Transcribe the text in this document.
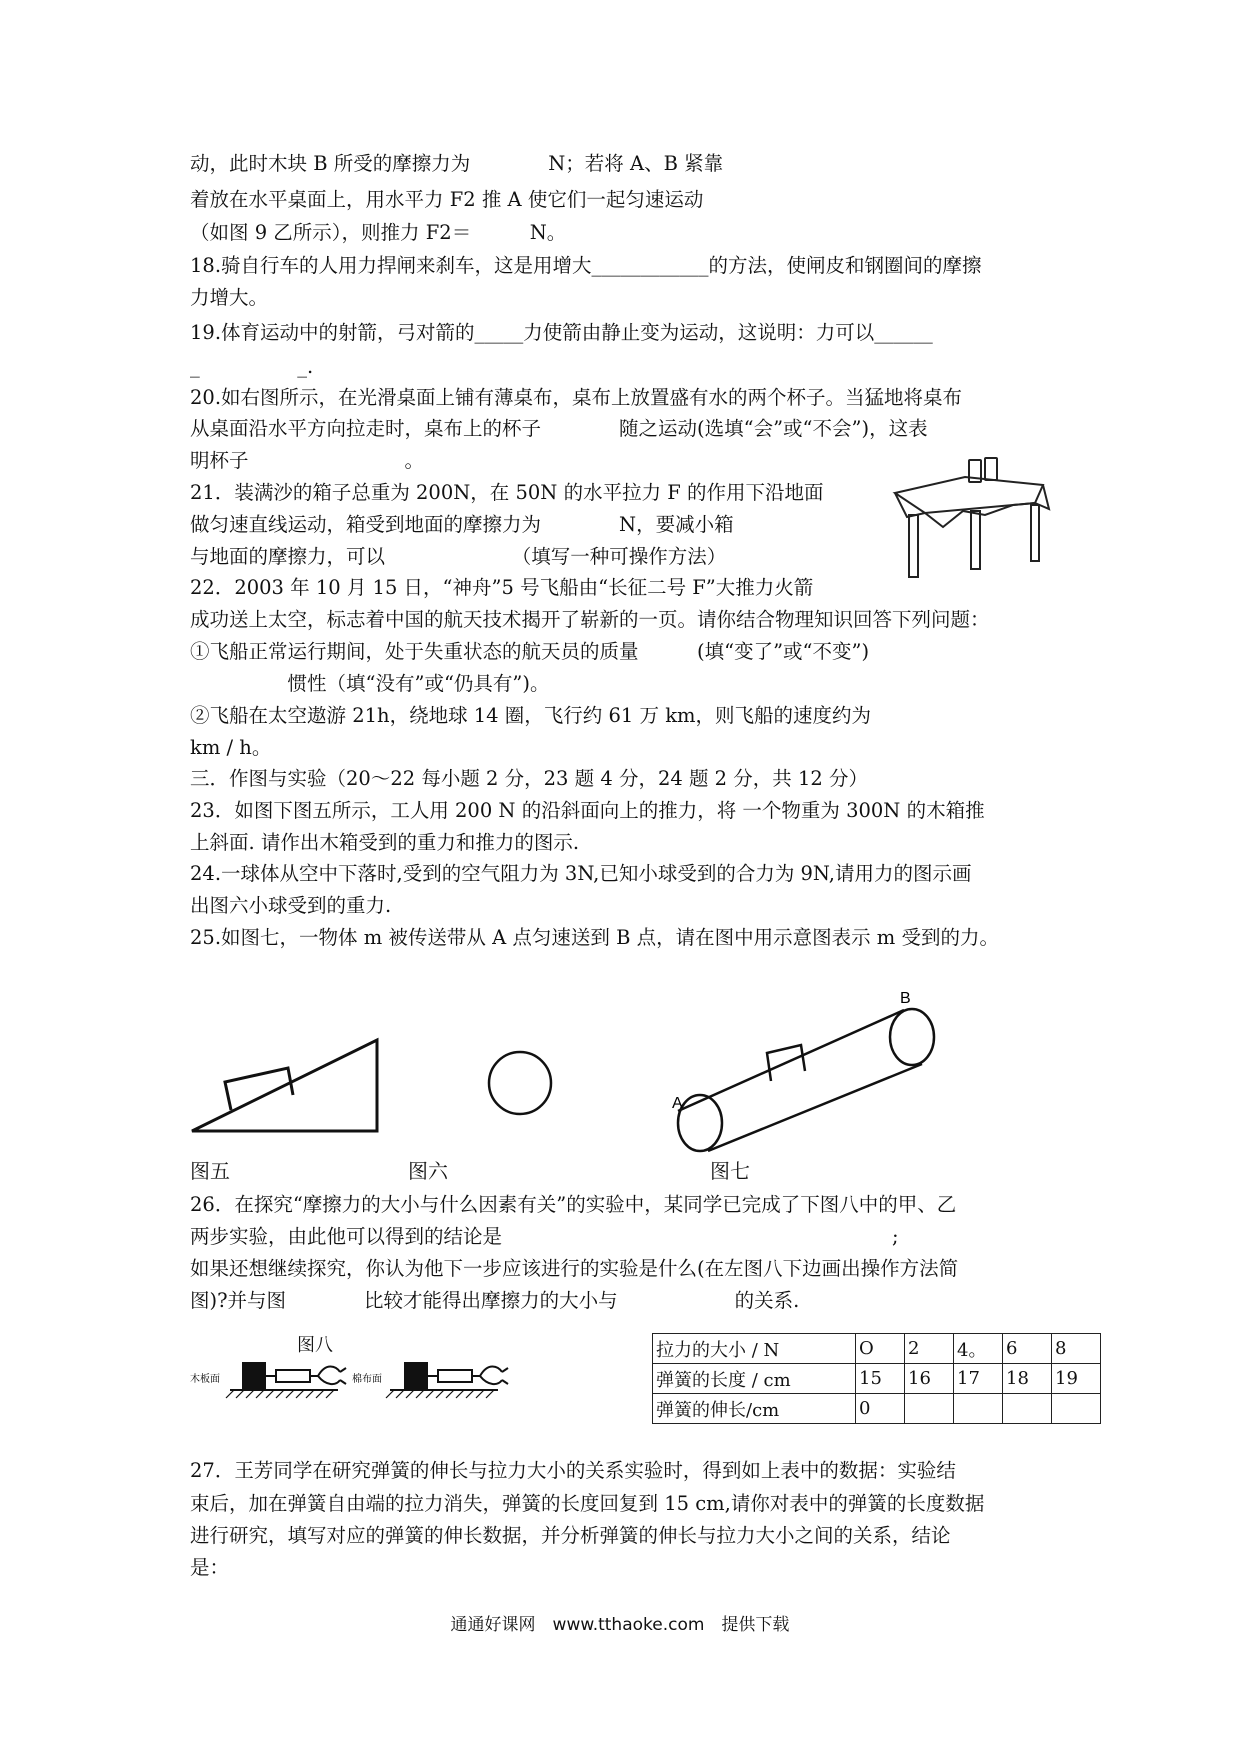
动，此时木块 B 所受的摩擦力为　　　　N；若将 A、B 紧靠
着放在水平桌面上，用水平力 F2 推 A 使它们一起匀速运动
（如图 9 乙所示），则推力 F2＝　　　N。
18.骑自行车的人用力捍闸来刹车，这是用增大____________的方法，使闸皮和钢圈间的摩擦
力增大。
19.体育运动中的射箭，弓对箭的_____力使箭由静止变为运动，这说明：力可以______
_　　　　　_.
20.如右图所示，在光滑桌面上铺有薄桌布，桌布上放置盛有水的两个杯子。当猛地将桌布
从桌面沿水平方向拉走时，桌布上的杯子　　　　随之运动(选填“会”或“不会”)，这表
明杯子　　　　　　　　。
21．装满沙的箱子总重为 200N，在 50N 的水平拉力 F 的作用下沿地面
做匀速直线运动，箱受到地面的摩擦力为　　　　N，要减小箱
与地面的摩擦力，可以　　　　　　　（填写一种可操作方法）
22．2003 年 10 月 15 日，“神舟”5 号飞船由“长征二号 F”大推力火箭
成功送上太空，标志着中国的航天技术揭开了崭新的一页。请你结合物理知识回答下列问题：
①飞船正常运行期间，处于失重状态的航天员的质量　　　(填“变了”或“不变”)
　　　　　惯性（填“没有”或“仍具有”)。
②飞船在太空遨游 21h，绕地球 14 圈，飞行约 61 万 km，则飞船的速度约为
km / h。
三．作图与实验（20～22 每小题 2 分，23 题 4 分，24 题 2 分，共 12 分）
23．如图下图五所示，工人用 200 N 的沿斜面向上的推力，将 一个物重为 300N 的木箱推
上斜面. 请作出木箱受到的重力和推力的图示.
24.一球体从空中下落时,受到的空气阻力为 3N,已知小球受到的合力为 9N,请用力的图示画
出图六小球受到的重力.
25.如图七，一物体 m 被传送带从 A 点匀速送到 B 点，请在图中用示意图表示 m 受到的力。
图五	图六
A
B
图七
26．在探究“摩擦力的大小与什么因素有关”的实验中，某同学已完成了下图八中的甲、乙
两步实验，由此他可以得到的结论是　　　　　　　　　　　　　　　　　　　　;
如果还想继续探究，你认为他下一步应该进行的实验是什么(在左图八下边画出操作方法简
图)?并与图　　　　比较才能得出摩擦力的大小与　　　　　　的关系.
图八
木板面	棉布面
拉力的大小 / N	O	2	4。	6	8
弹簧的长度 / cm	15	16	17	18	19
弹簧的伸长/cm	0				
27．王芳同学在研究弹簧的伸长与拉力大小的关系实验时，得到如上表中的数据：实验结
束后，加在弹簧自由端的拉力消失，弹簧的长度回复到 15 cm,请你对表中的弹簧的长度数据
进行研究，填写对应的弹簧的伸长数据，并分析弹簧的伸长与拉力大小之间的关系，结论
是：
通通好课网　www.tthaoke.com　提供下载
